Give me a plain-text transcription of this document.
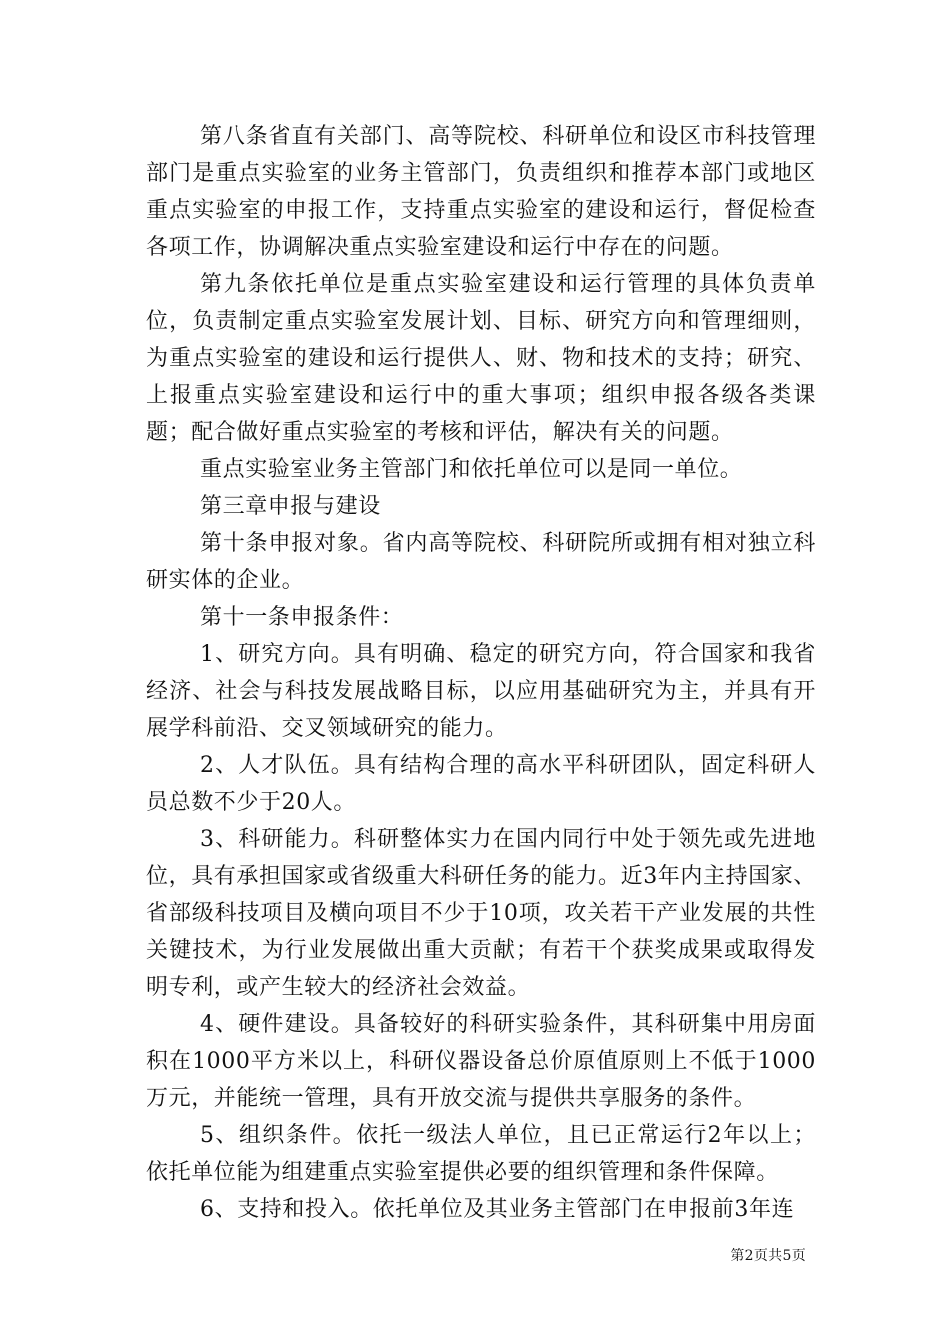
第八条省直有关部门、高等院校、科研单位和设区市科技管理部门是重点实验室的业务主管部门，负责组织和推荐本部门或地区重点实验室的申报工作，支持重点实验室的建设和运行，督促检查各项工作，协调解决重点实验室建设和运行中存在的问题。

第九条依托单位是重点实验室建设和运行管理的具体负责单位，负责制定重点实验室发展计划、目标、研究方向和管理细则，为重点实验室的建设和运行提供人、财、物和技术的支持；研究、上报重点实验室建设和运行中的重大事项；组织申报各级各类课题；配合做好重点实验室的考核和评估，解决有关的问题。

重点实验室业务主管部门和依托单位可以是同一单位。

第三章申报与建设

第十条申报对象。省内高等院校、科研院所或拥有相对独立科研实体的企业。

第十一条申报条件：

1、研究方向。具有明确、稳定的研究方向，符合国家和我省经济、社会与科技发展战略目标，以应用基础研究为主，并具有开展学科前沿、交叉领域研究的能力。

2、人才队伍。具有结构合理的高水平科研团队，固定科研人员总数不少于20人。

3、科研能力。科研整体实力在国内同行中处于领先或先进地位，具有承担国家或省级重大科研任务的能力。近3年内主持国家、省部级科技项目及横向项目不少于10项，攻关若干产业发展的共性关键技术，为行业发展做出重大贡献；有若干个获奖成果或取得发明专利，或产生较大的经济社会效益。

4、硬件建设。具备较好的科研实验条件，其科研集中用房面积在1000平方米以上，科研仪器设备总价原值原则上不低于1000万元，并能统一管理，具有开放交流与提供共享服务的条件。

5、组织条件。依托一级法人单位，且已正常运行2年以上；依托单位能为组建重点实验室提供必要的组织管理和条件保障。

6、支持和投入。依托单位及其业务主管部门在申报前3年连

第2页共5页
